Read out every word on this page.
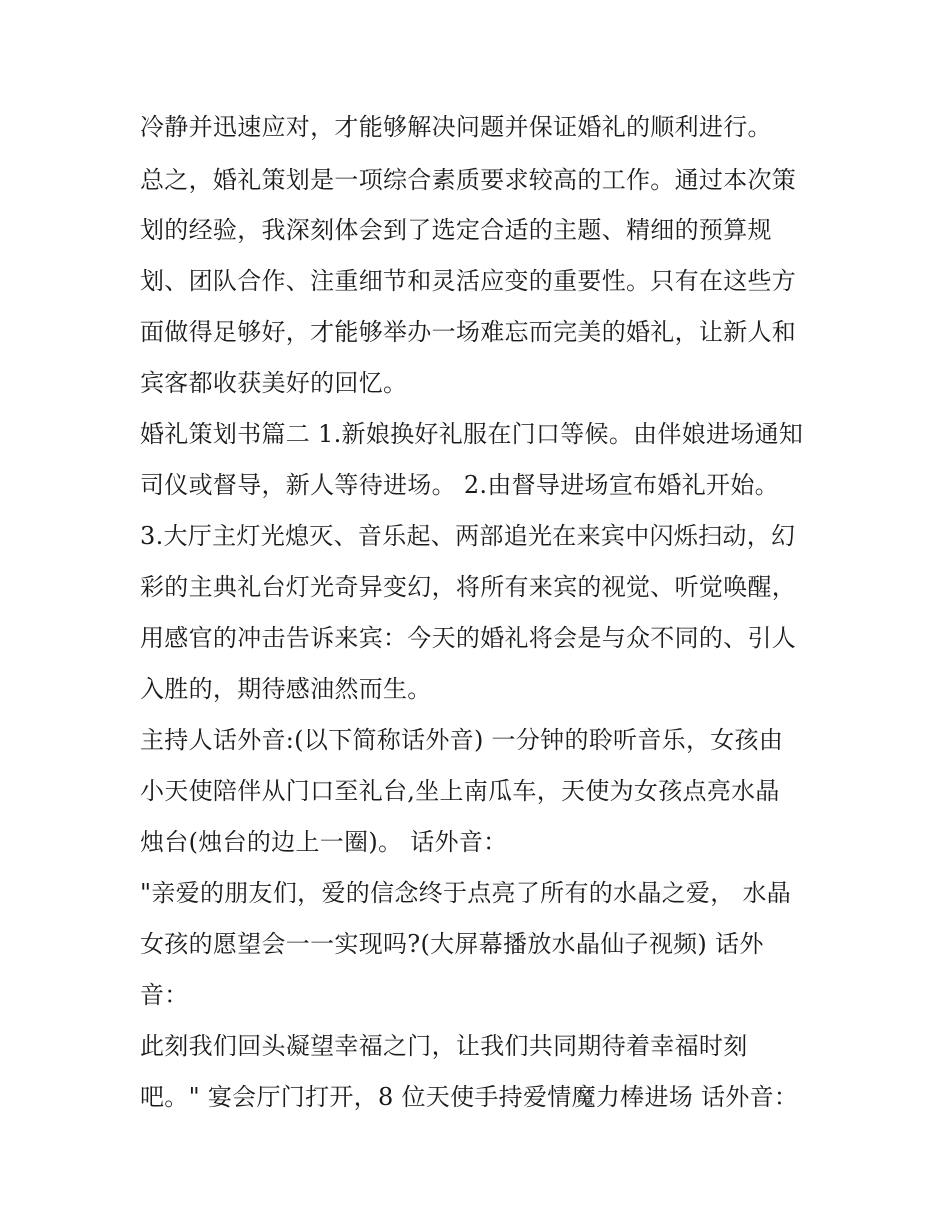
冷静并迅速应对，才能够解决问题并保证婚礼的顺利进行。
总之，婚礼策划是一项综合素质要求较高的工作。通过本次策
划的经验，我深刻体会到了选定合适的主题、精细的预算规
划、团队合作、注重细节和灵活应变的重要性。只有在这些方
面做得足够好，才能够举办一场难忘而完美的婚礼，让新人和
宾客都收获美好的回忆。
婚礼策划书篇二 1.新娘换好礼服在门口等候。由伴娘进场通知
司仪或督导，新人等待进场。 2.由督导进场宣布婚礼开始。
3.大厅主灯光熄灭、音乐起、两部追光在来宾中闪烁扫动，幻
彩的主典礼台灯光奇异变幻，将所有来宾的视觉、听觉唤醒，
用感官的冲击告诉来宾：今天的婚礼将会是与众不同的、引人
入胜的，期待感油然而生。
主持人话外音:(以下简称话外音) 一分钟的聆听音乐，女孩由
小天使陪伴从门口至礼台,坐上南瓜车，天使为女孩点亮水晶
烛台(烛台的边上一圈)。 话外音：
"亲爱的朋友们，爱的信念终于点亮了所有的水晶之爱， 水晶
女孩的愿望会一一实现吗?(大屏幕播放水晶仙子视频) 话外
音：
此刻我们回头凝望幸福之门，让我们共同期待着幸福时刻
吧。" 宴会厅门打开，8 位天使手持爱情魔力棒进场 话外音：
